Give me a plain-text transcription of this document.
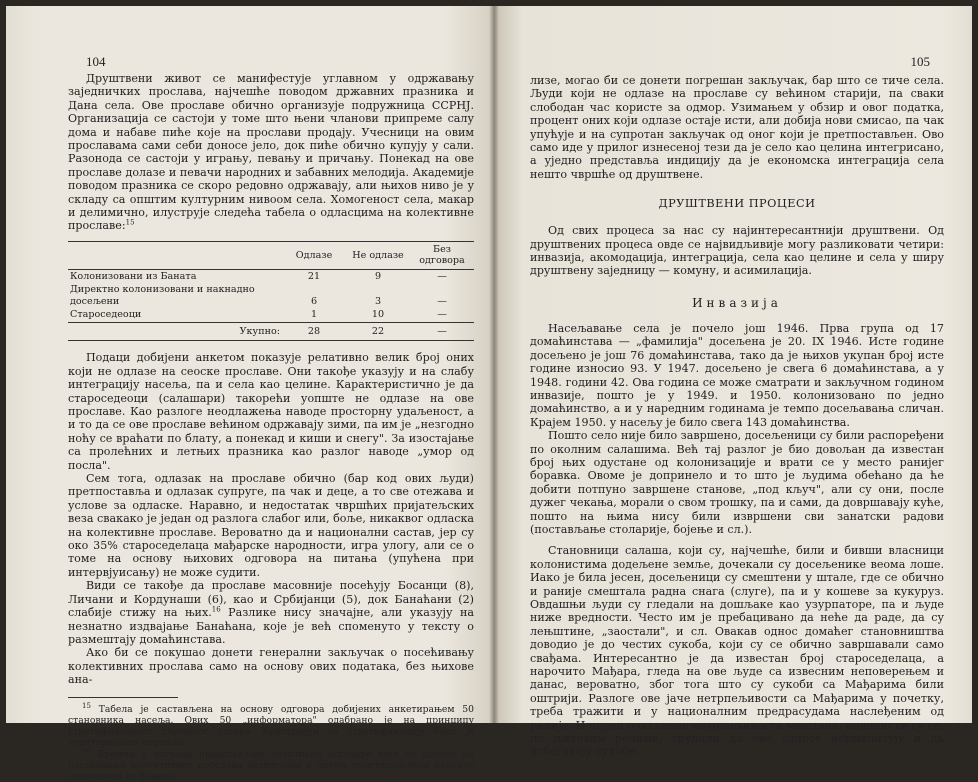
104

Друштвени живот се манифестује углавном у одржавању заједничких прослава, најчешће поводом државних празника и Дана села. Ове прославе обично организује подружница ССРНЈ. Организација се састоји у томе што њени чланови припреме салу дома и набаве пиће које на прослави продају. Учесници на овим прославама сами себи доносе јело, док пиће обично купују у сали. Разонода се састоји у игрању, певању и причању. Понекад на ове прославе долазе и певачи народних и забавних мелодија. Академије поводом празника се скоро редовно одржавају, али њихов ниво је у складу са општим културним нивоом села. Хомогеност села, макар и делимично, илуструје следећа табела о одласцима на колективне прославе:$^{15}$

	Одлазе	Не одлазе	Без одговора
Колонизовани из Баната	21	9	—
Директно колонизовани и накнадно досељени	6	3	—
Староседеоци	1	10	—
Укупно:	28	22	—

Подаци добијени анкетом показује релативно велик број оних који не одлазе на сеоске прославе. Они такође указују и на слабу интеграцију насеља, па и села као целине. Карактеристично је да староседеоци (салашари) такорећи уопште не одлазе на ове прославе. Као разлоге неодлажења наводе просторну удаљеност, а и то да се ове прославе већином одржавају зими, па им је „незгодно ноћу се враћати по блату, а понекад и киши и снегу". За изостајање са пролећних и летњих празника као разлог наводе „умор од посла".

Сем тога, одлазак на прославе обично (бар код ових људи) претпоставља и одлазак супруге, па чак и деце, а то све отежава и услове за одласке. Наравно, и недостатак чвршћих пријатељских веза свакако је један од разлога слабог или, боље, никаквог одласка на колективне прославе. Вероватно да и национални састав, јер су око 35% староседелаца мађарске народности, игра улогу, али се о томе на основу њихових одговора на питања (упућена при интервјуисању) не може судити.

Види се такође да прославе масовније посећују Босанци (8), Личани и Кордунаши (6), као и Србијанци (5), док Банаћани (2) слабије стижу на њих.$^{16}$ Разлике нису значајне, али указују на незнатно издвајање Банаћана, које је већ споменуто у тексту о размештају домаћинстава.

Ако би се покушао донети генерални закључак о посећивању колективних прослава само на основу ових података, без њихове ана-

$^{15}$ Табела је састављена на основу одговора добијених анкетирањем 50 становника насеља. Ових 50 „информатора" одабрано је на принципу стратификованог случајног узорка. Критеријум за стратификацију било је териториjално порекло.

$^{16}$ Бројеви у загради представљају позитивне одговоре који се односе на посећивање колективних прослава разврстане и према територијалном пореклу (колониста из Баната).

105

лизе, могао би се донети погрешан закључак, бар што се тиче села. Људи који не одлазе на прославе су већином старији, па сваки слободан час користе за одмор. Узимањем у обзир и овог податка, процент оних који одлазе остаје исти, али добија нови смисао, па чак упућује и на супротан закључак од оног који је претпостављен. Ово само иде у прилог изнесеној тези да је село као целина интегрисано, а уједно представља индицију да је економска интеграција села нешто чвршће од друштвене.

ДРУШТВЕНИ ПРОЦЕСИ

Од свих процеса за нас су најинтересантнији друштвени. Од друштвених процеса овде се највидљивије могу разликовати четири: инвазија, акомодација, интеграција, села као целине и села у ширу друштвену заједницу — комуну, и асимилација.

Инвазија

Насељавање села је почело још 1946. Прва група од 17 домаћинстава — „фамилија" досељена је 20. IX 1946. Исте године досељено је још 76 домаћинстава, тако да је њихов укупан број исте године износио 93. У 1947. досељено је свега 6 домаћинстава, а у 1948. години 42. Ова година се може сматрати и закључном годином инвазије, пошто је у 1949. и 1950. колонизовано по једно домаћинство, а и у наредним годинама је темпо досељавања сличан. Крајем 1950. у насељу је било свега 143 домаћинства.

Пошто село није било завршено, досељеници су били распоређени по околним салашима. Већ тај разлог је био довољан да известан број њих одустане од колонизације и врати се у место ранијег боравка. Овоме је допринело и то што је људима обећано да ће добити потпуно завршене станове, „под кључ", али су они, после дужег чекања, морали о свом трошку, па и сами, да довршавају куће, пошто на њима нису били извршени сви занатски радови (постављање столарије, бојење и сл.).

Становници салаша, који су, најчешће, били и бивши власници колонистима додељене земље, дочекали су досељенике веома лоше. Иако је била јесен, досељеници су смештени у штале, где се обично и раније смештала радна снага (слуге), па и у кошеве за кукуруз. Овдашњи људи су гледали на дошљаке као узурпаторе, па и људе ниже вредности. Често им је пребацивано да неће да раде, да су лењштине, „заостали", и сл. Овакав однос домаћег становништва доводио је до честих сукоба, који су се обично завршавали само свађама. Интересантно је да известан број староседелаца, а нарочито Мађара, гледа на ове људе са извесним неповерењем и данас, вероватно, због тога што су сукоби са Мађарима били оштрији. Разлоге ове јаче нетрпељивости са Мађарима у почетку, треба тражити и у националним предрасудама наслеђеним од раније. И поред очигледне нетрпељивости мештана, колонисти су се, по њиховим речима, трудили да ове односе нормализују и да избегавају сукобе.
